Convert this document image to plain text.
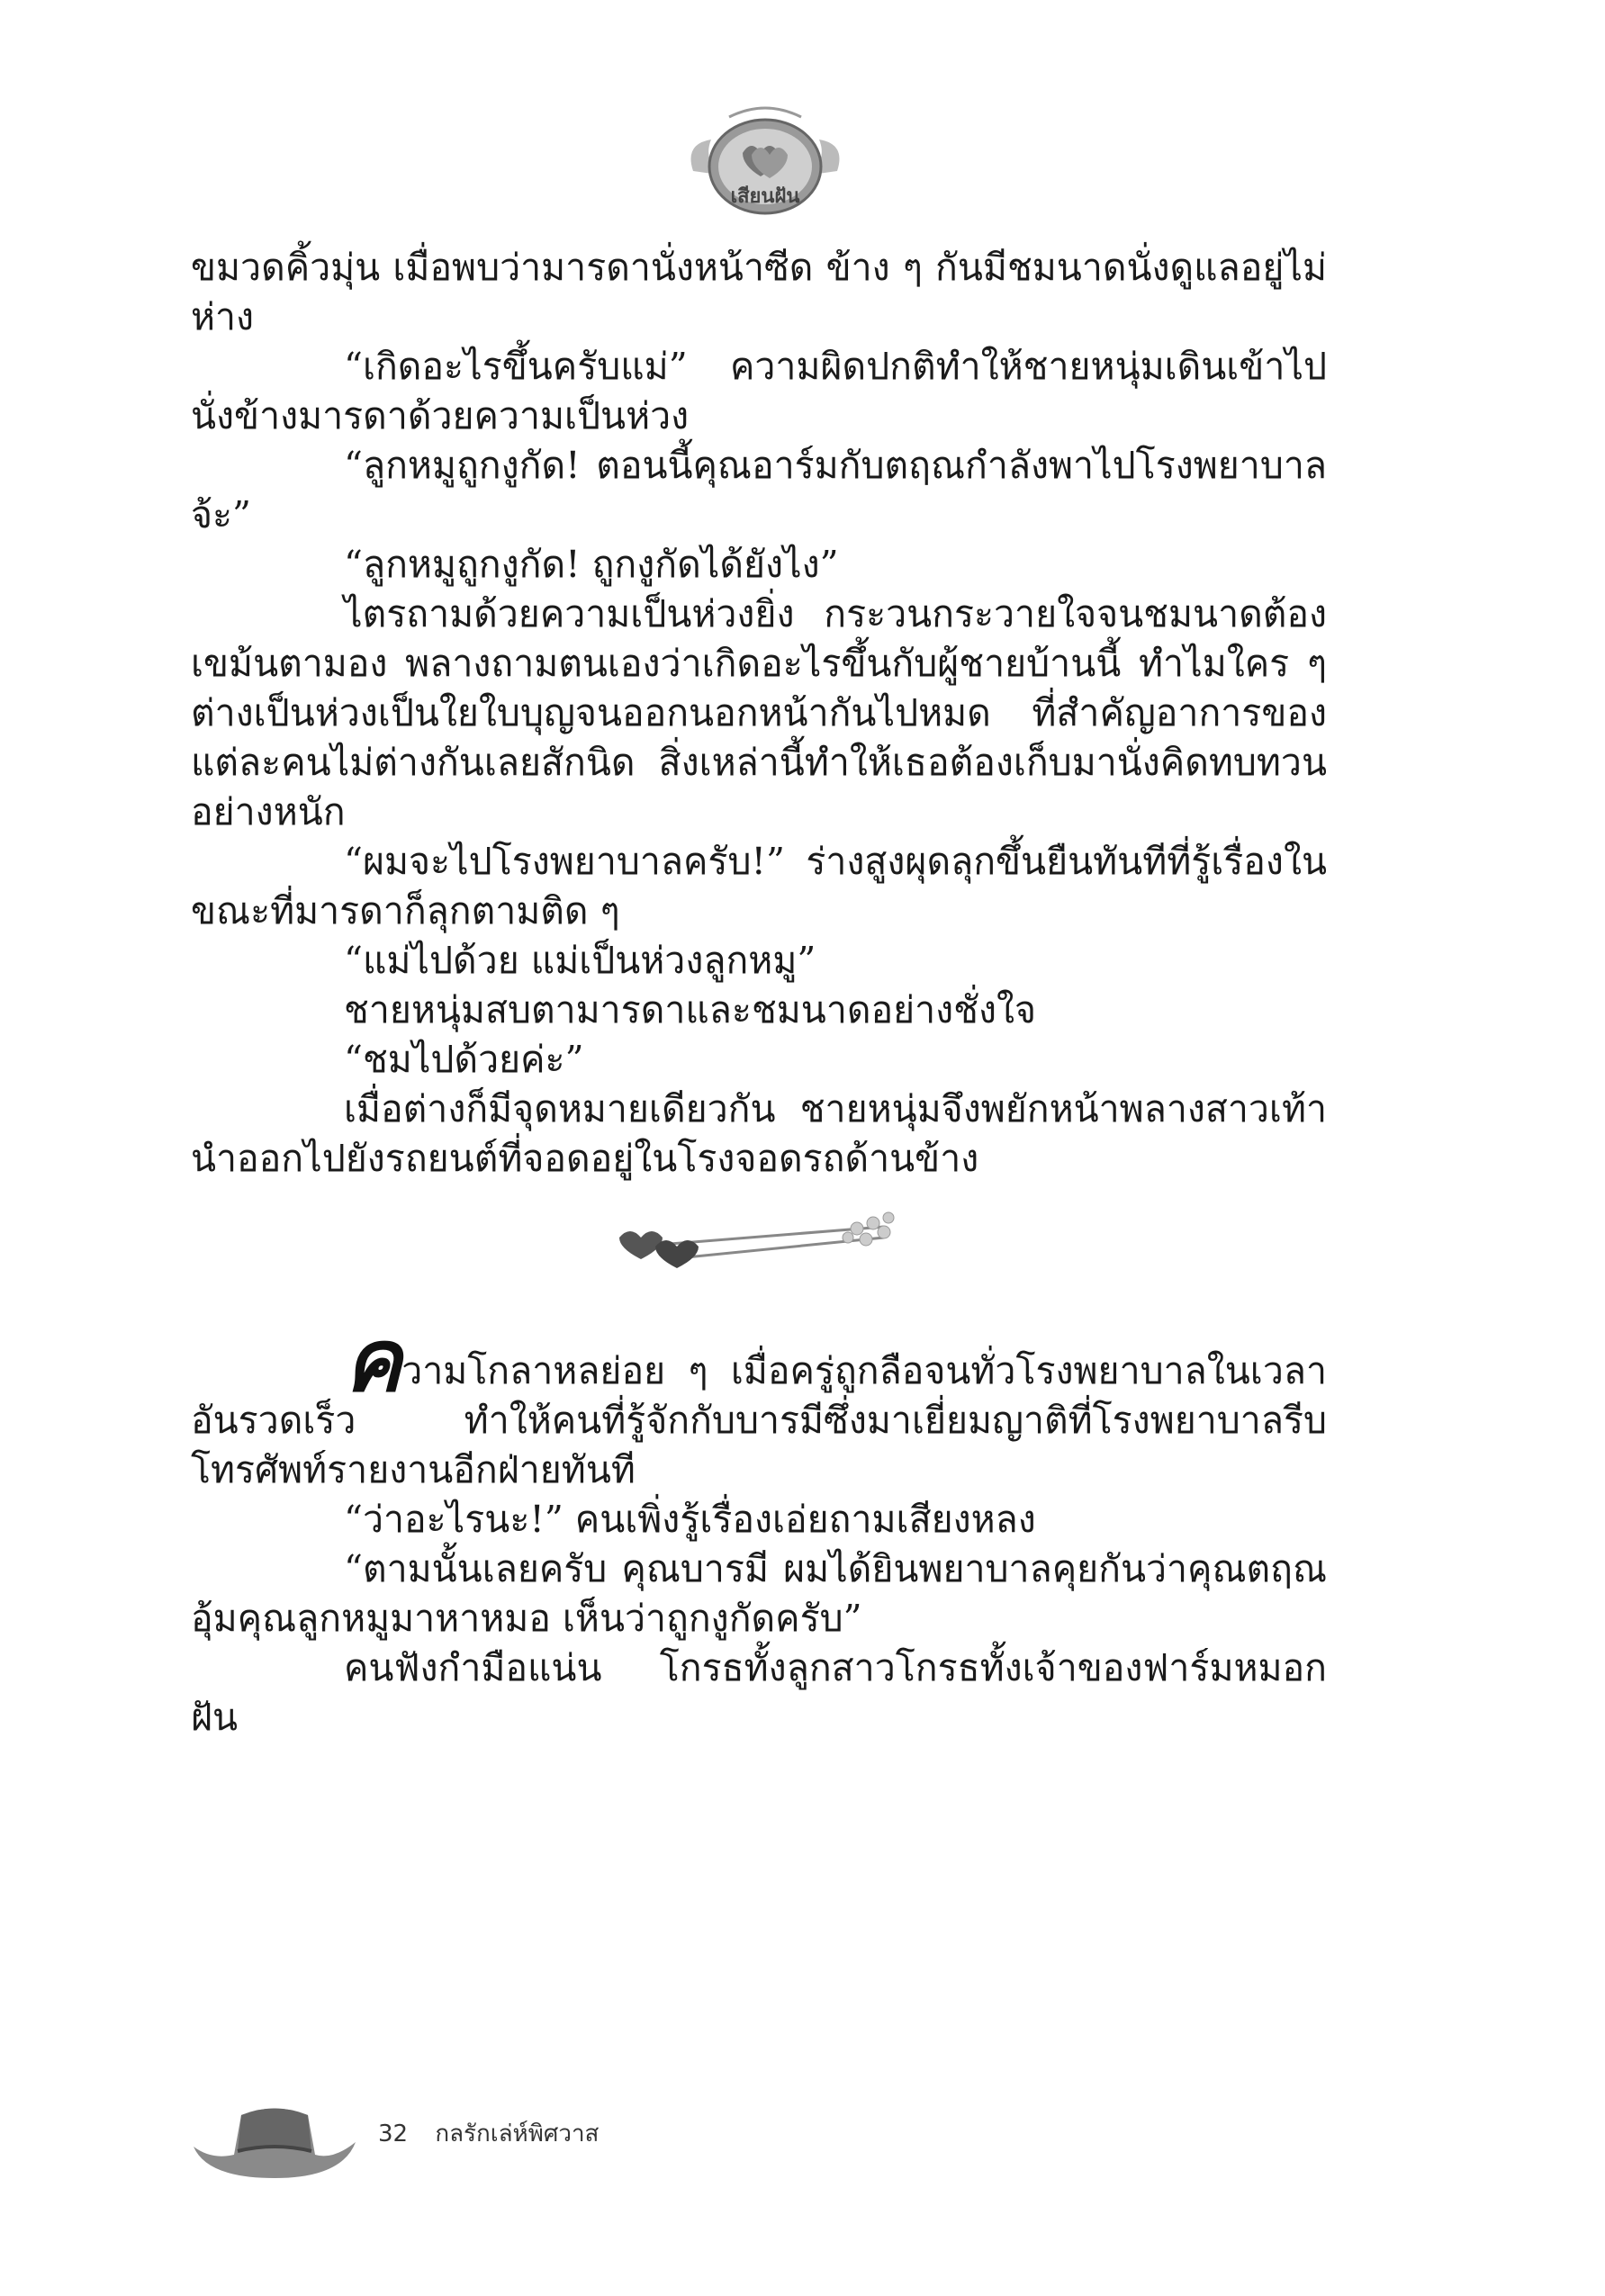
เสียนฝัน

ขมวดคิ้วมุ่น เมื่อพบว่ามารดานั่งหน้าซีด ข้าง ๆ กันมีชมนาดนั่งดูแลอยู่ไม่ห่าง

“เกิดอะไรขึ้นครับแม่” ความผิดปกติทำให้ชายหนุ่มเดินเข้าไปนั่งข้างมารดาด้วยความเป็นห่วง

“ลูกหมูถูกงูกัด! ตอนนี้คุณอาร์มกับตฤณกำลังพาไปโรงพยาบาลจ้ะ”

“ลูกหมูถูกงูกัด! ถูกงูกัดได้ยังไง”

ไตรถามด้วยความเป็นห่วงยิ่ง กระวนกระวายใจจนชมนาดต้องเขม้นตามอง พลางถามตนเองว่าเกิดอะไรขึ้นกับผู้ชายบ้านนี้ ทำไมใคร ๆ ต่างเป็นห่วงเป็นใยใบบุญจนออกนอกหน้ากันไปหมด ที่สำคัญอาการของแต่ละคนไม่ต่างกันเลยสักนิด สิ่งเหล่านี้ทำให้เธอต้องเก็บมานั่งคิดทบทวนอย่างหนัก

“ผมจะไปโรงพยาบาลครับ!” ร่างสูงผุดลุกขึ้นยืนทันทีที่รู้เรื่องในขณะที่มารดาก็ลุกตามติด ๆ

“แม่ไปด้วย แม่เป็นห่วงลูกหมู”

ชายหนุ่มสบตามารดาและชมนาดอย่างชั่งใจ

“ชมไปด้วยค่ะ”

เมื่อต่างก็มีจุดหมายเดียวกัน ชายหนุ่มจึงพยักหน้าพลางสาวเท้านำออกไปยังรถยนต์ที่จอดอยู่ในโรงจอดรถด้านข้าง

ความโกลาหลย่อย ๆ เมื่อครู่ถูกลือจนทั่วโรงพยาบาลในเวลาอันรวดเร็ว ทำให้คนที่รู้จักกับบารมีซึ่งมาเยี่ยมญาติที่โรงพยาบาลรีบโทรศัพท์รายงานอีกฝ่ายทันที

“ว่าอะไรนะ!” คนเพิ่งรู้เรื่องเอ่ยถามเสียงหลง

“ตามนั้นเลยครับ คุณบารมี ผมได้ยินพยาบาลคุยกันว่าคุณตฤณอุ้มคุณลูกหมูมาหาหมอ เห็นว่าถูกงูกัดครับ”

คนฟังกำมือแน่น โกรธทั้งลูกสาวโกรธทั้งเจ้าของฟาร์มหมอกฝัน

32 กลรักเล่ห์พิศวาส
